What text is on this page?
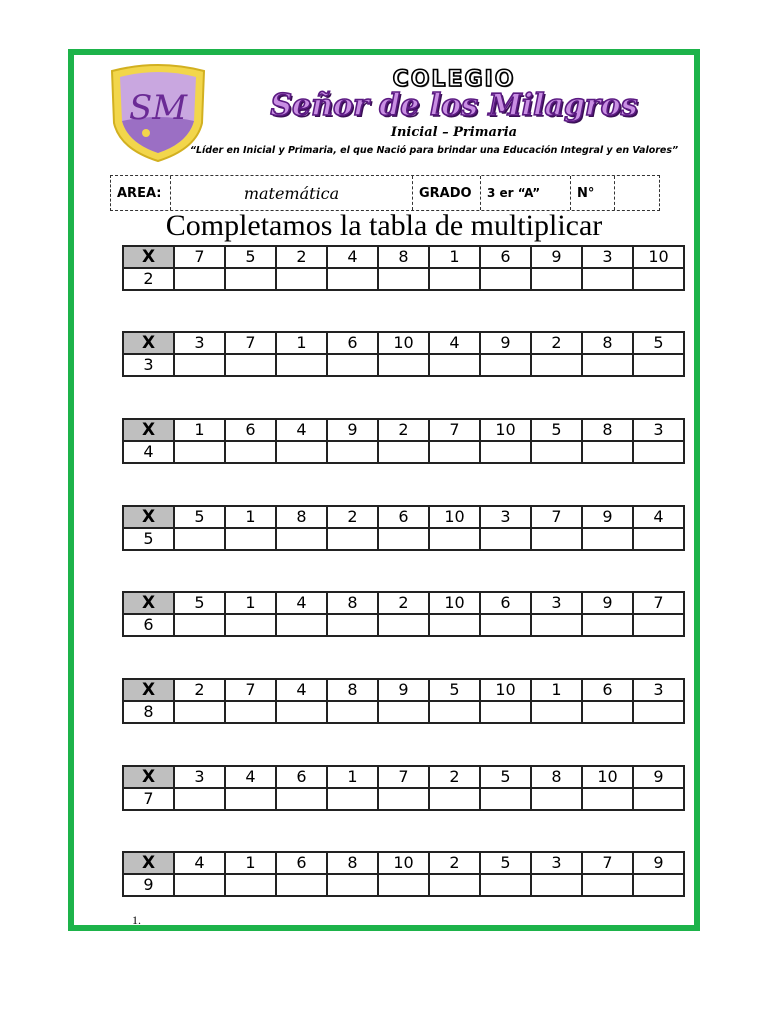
SM
COLEGIO
Señor de los Milagros
Inicial – Primaria
“Líder en Inicial y Primaria, el que Nació para brindar una Educación Integral y en Valores”
AREA:	matemática	GRADO	3 er “A”	N°
Completamos la tabla de multiplicar
X	7	5	2	4	8	1	6	9	3	10
2										
X	3	7	1	6	10	4	9	2	8	5
3										
X	1	6	4	9	2	7	10	5	8	3
4										
X	5	1	8	2	6	10	3	7	9	4
5										
X	5	1	4	8	2	10	6	3	9	7
6										
X	2	7	4	8	9	5	10	1	6	3
8										
X	3	4	6	1	7	2	5	8	10	9
7										
X	4	1	6	8	10	2	5	3	7	9
9										
1.
